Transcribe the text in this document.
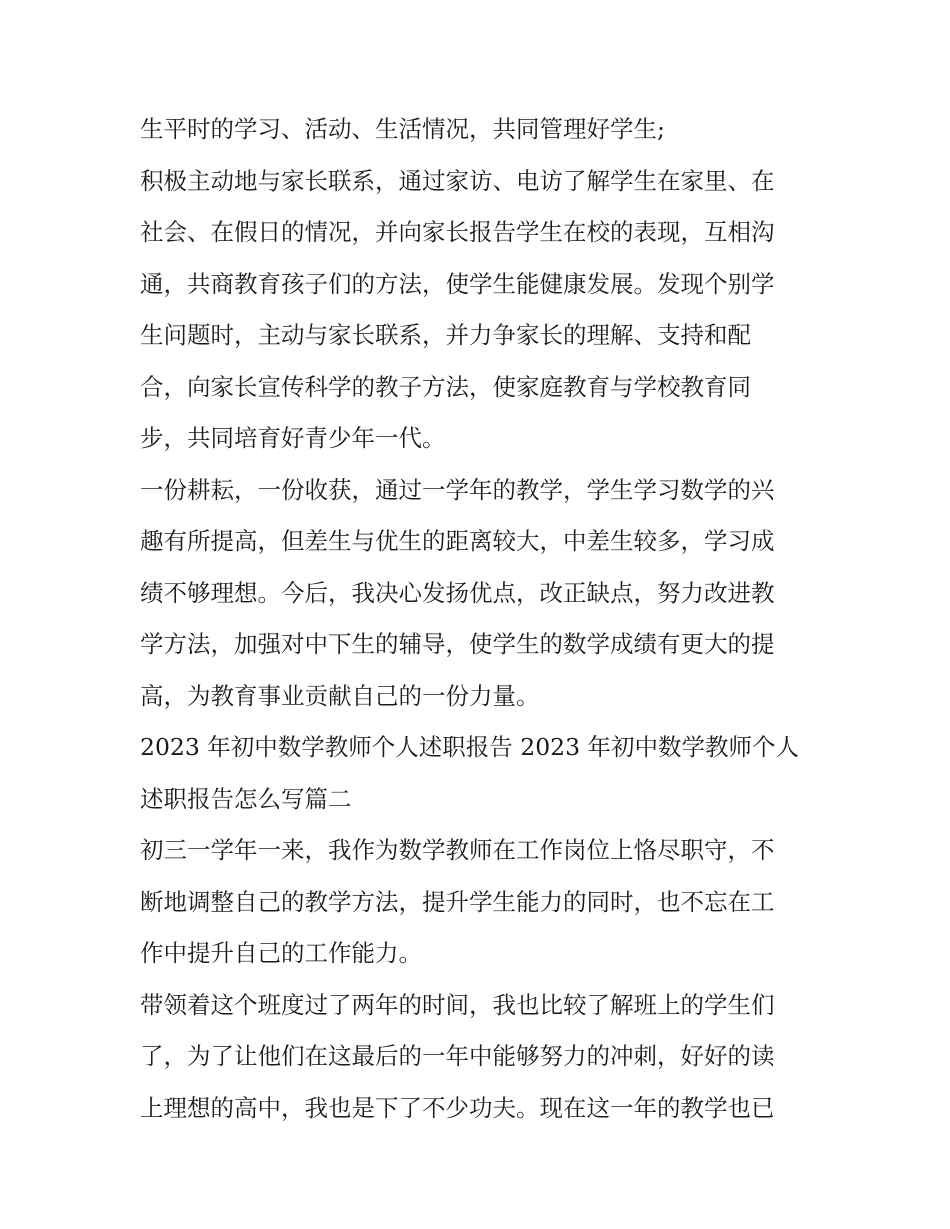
生平时的学习、活动、生活情况，共同管理好学生;
积极主动地与家长联系，通过家访、电访了解学生在家里、在
社会、在假日的情况，并向家长报告学生在校的表现，互相沟
通，共商教育孩子们的方法，使学生能健康发展。发现个别学
生问题时，主动与家长联系，并力争家长的理解、支持和配
合，向家长宣传科学的教子方法，使家庭教育与学校教育同
步，共同培育好青少年一代。
一份耕耘，一份收获，通过一学年的教学，学生学习数学的兴
趣有所提高，但差生与优生的距离较大，中差生较多，学习成
绩不够理想。今后，我决心发扬优点，改正缺点，努力改进教
学方法，加强对中下生的辅导，使学生的数学成绩有更大的提
高，为教育事业贡献自己的一份力量。
2023 年初中数学教师个人述职报告 2023 年初中数学教师个人
述职报告怎么写篇二
初三一学年一来，我作为数学教师在工作岗位上恪尽职守，不
断地调整自己的教学方法，提升学生能力的同时，也不忘在工
作中提升自己的工作能力。
带领着这个班度过了两年的时间，我也比较了解班上的学生们
了，为了让他们在这最后的一年中能够努力的冲刺，好好的读
上理想的高中，我也是下了不少功夫。现在这一年的教学也已
